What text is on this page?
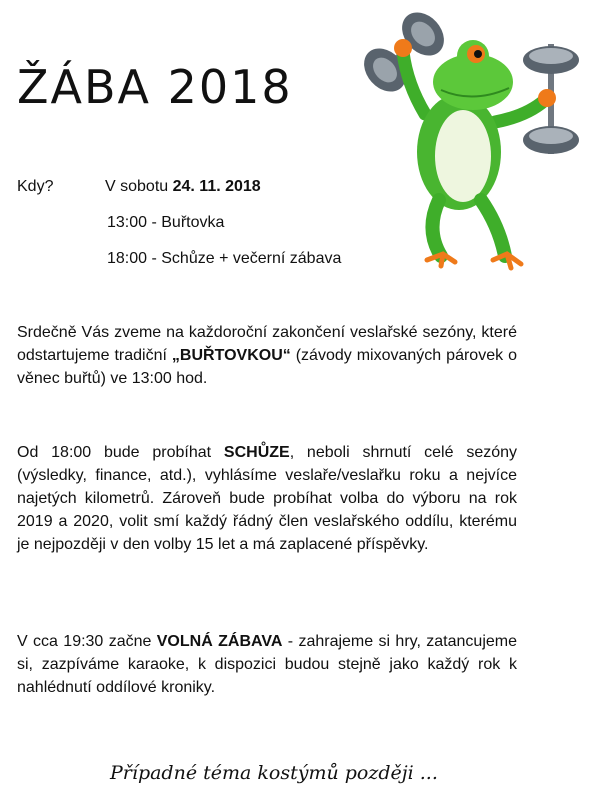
ŽÁBA 2018
Kdy?	V sobotu 24. 11. 2018
13:00 - Buřtovka
18:00 - Schůze + večerní zábava

Srdečně Vás zveme na každoroční zakončení veslařské sezóny, které odstartujeme tradiční „BUŘTOVKOU“ (závody mixovaných párovek o věnec buřtů) ve 13:00 hod.

Od 18:00 bude probíhat SCHŮZE, neboli shrnutí celé sezóny (výsledky, finance, atd.), vyhlásíme veslaře/veslařku roku a nejvíce najetých kilometrů. Zároveň bude probíhat volba do výboru na rok 2019 a 2020, volit smí každý řádný člen veslařského oddílu, kterému je nejpozději v den volby 15 let a má zaplacené příspěvky.

V cca 19:30 začne VOLNÁ ZÁBAVA - zahrajeme si hry, zatancujeme si, zazpíváme karaoke, k dispozici budou stejně jako každý rok k nahlédnutí oddílové kroniky.

Případné téma kostýmů později ...
